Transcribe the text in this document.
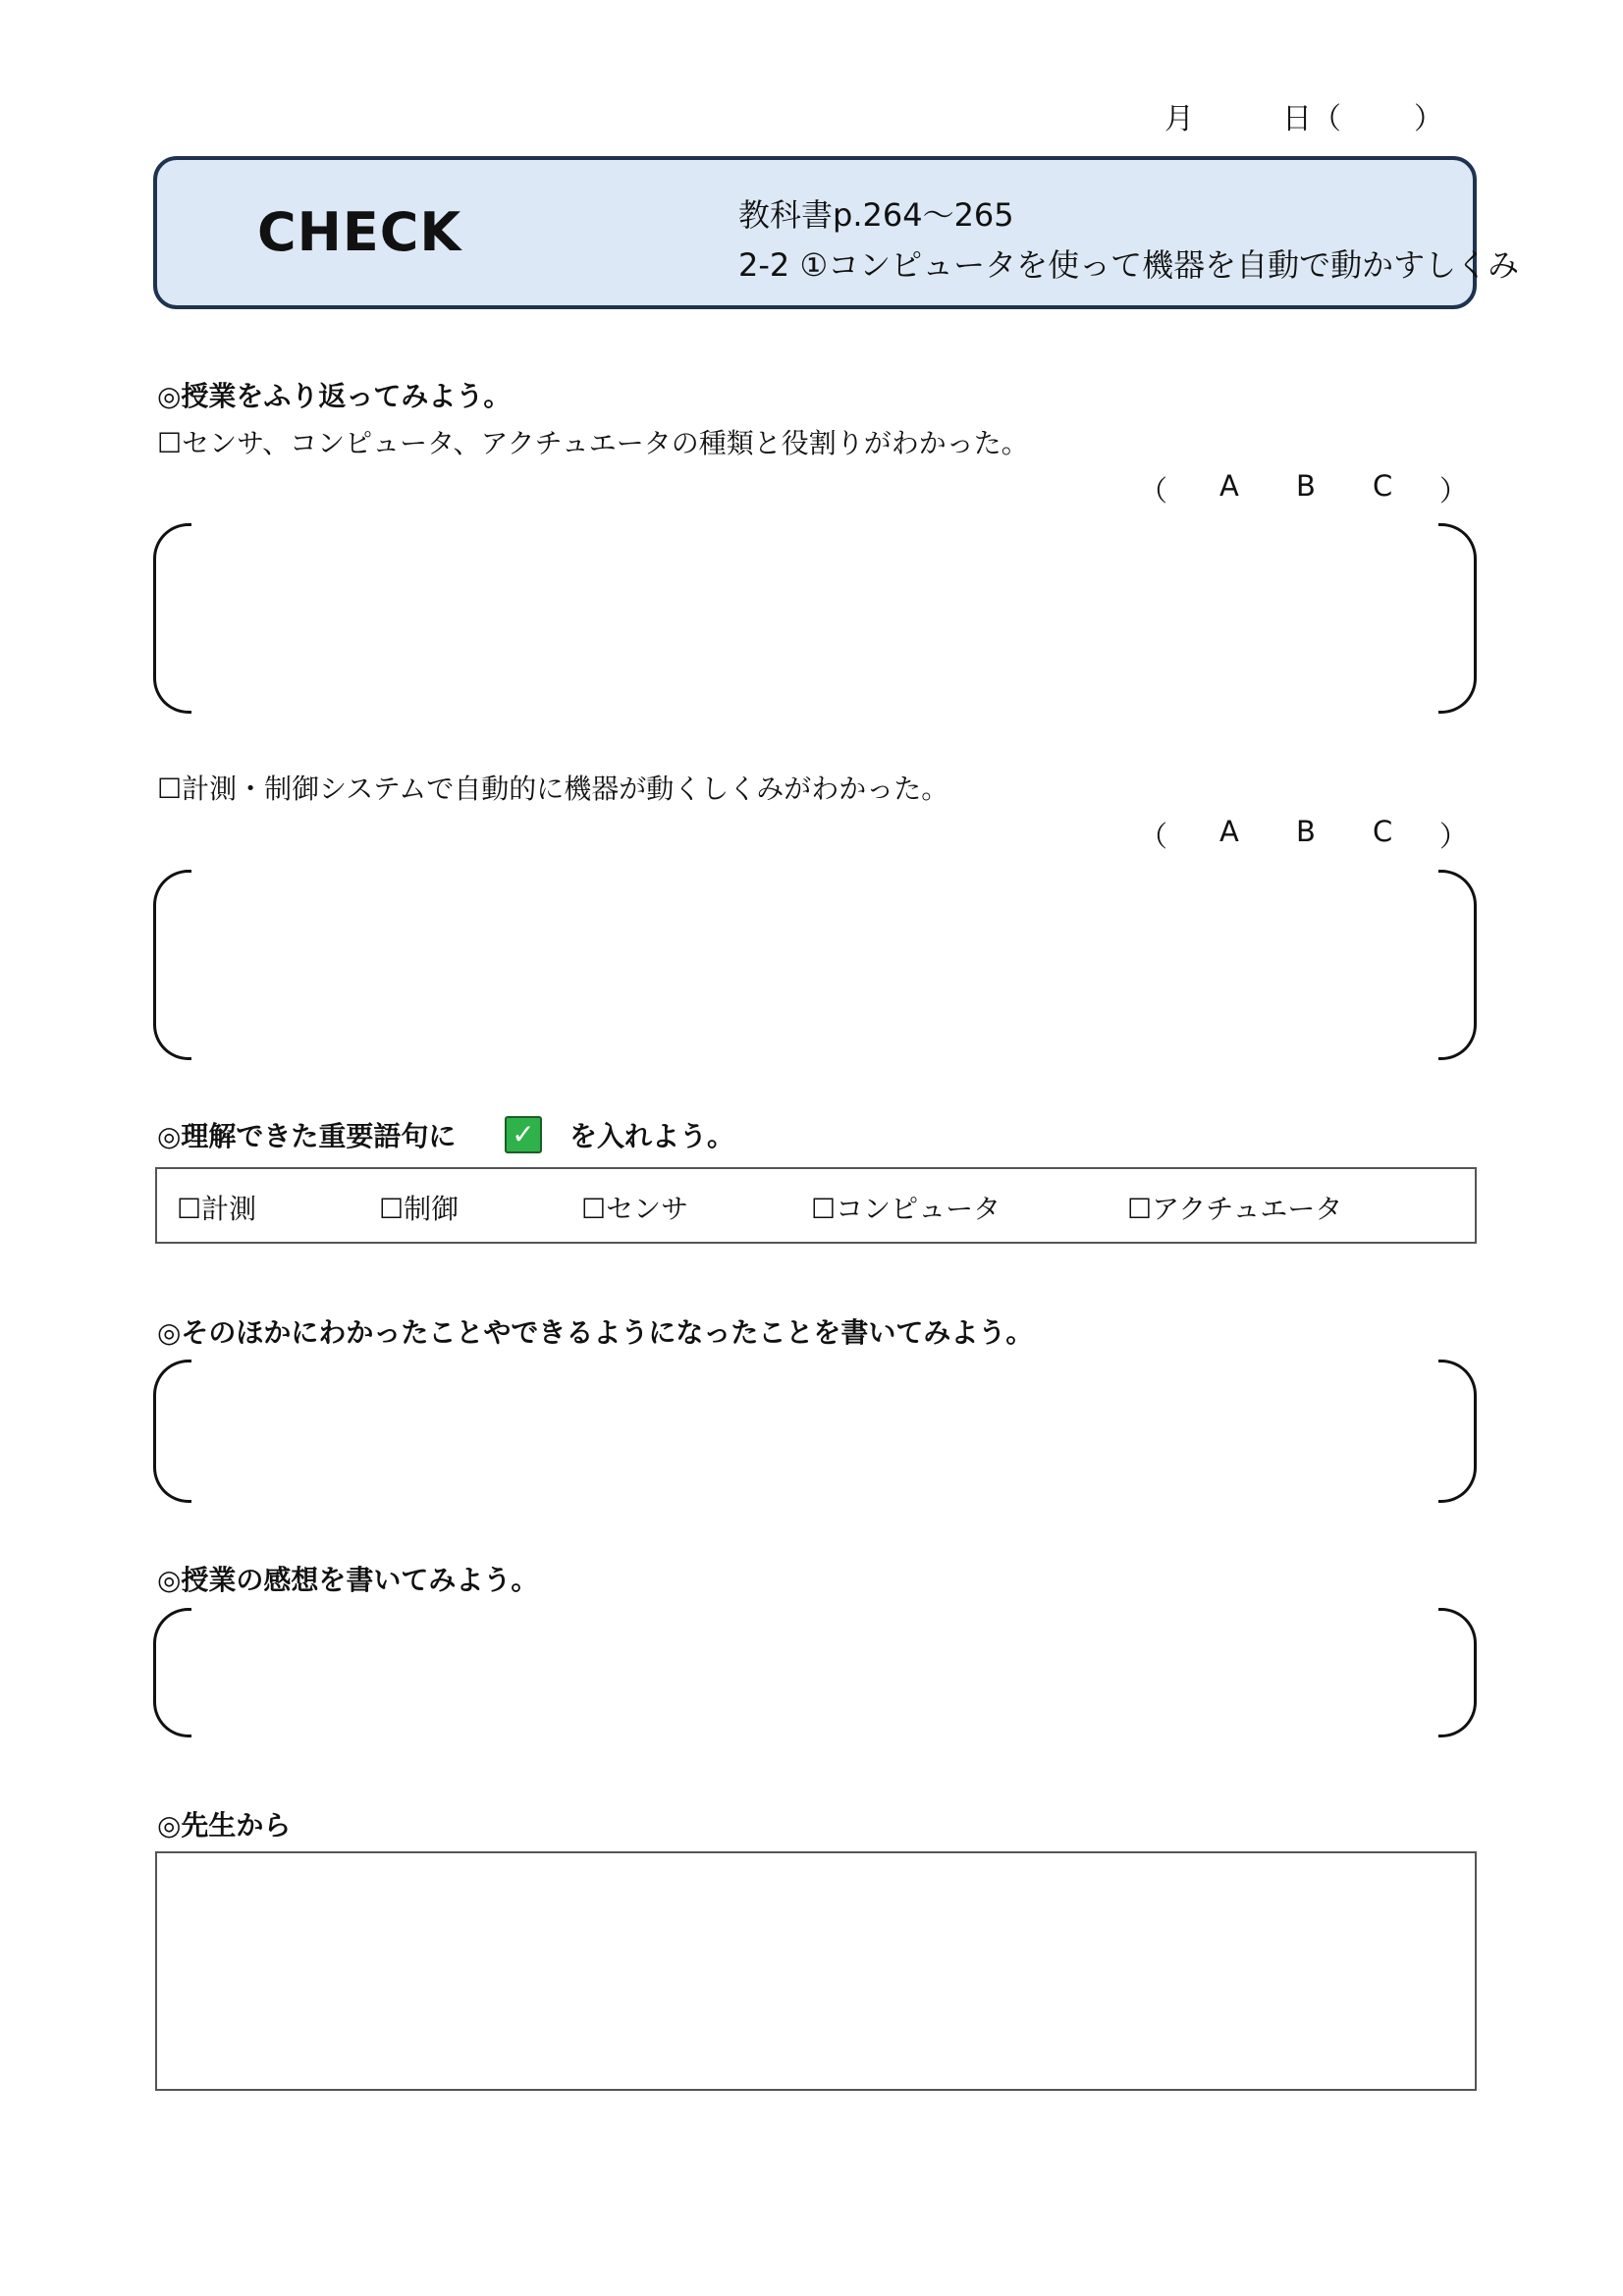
月	日（ ）
CHECK	教科書p.264～265
2-2 ①コンピュータを使って機器を自動で動かすしくみ
◎授業をふり返ってみよう。
☐センサ、コンピュータ、アクチュエータの種類と役割りがわかった。
（ A B C ）
☐計測・制御システムで自動的に機器が動くしくみがわかった。
（ A B C ）
◎理解できた重要語句に ✓ を入れよう。
☐計測	☐制御	☐センサ	☐コンピュータ	☐アクチュエータ
◎そのほかにわかったことやできるようになったことを書いてみよう。
◎授業の感想を書いてみよう。
◎先生から
